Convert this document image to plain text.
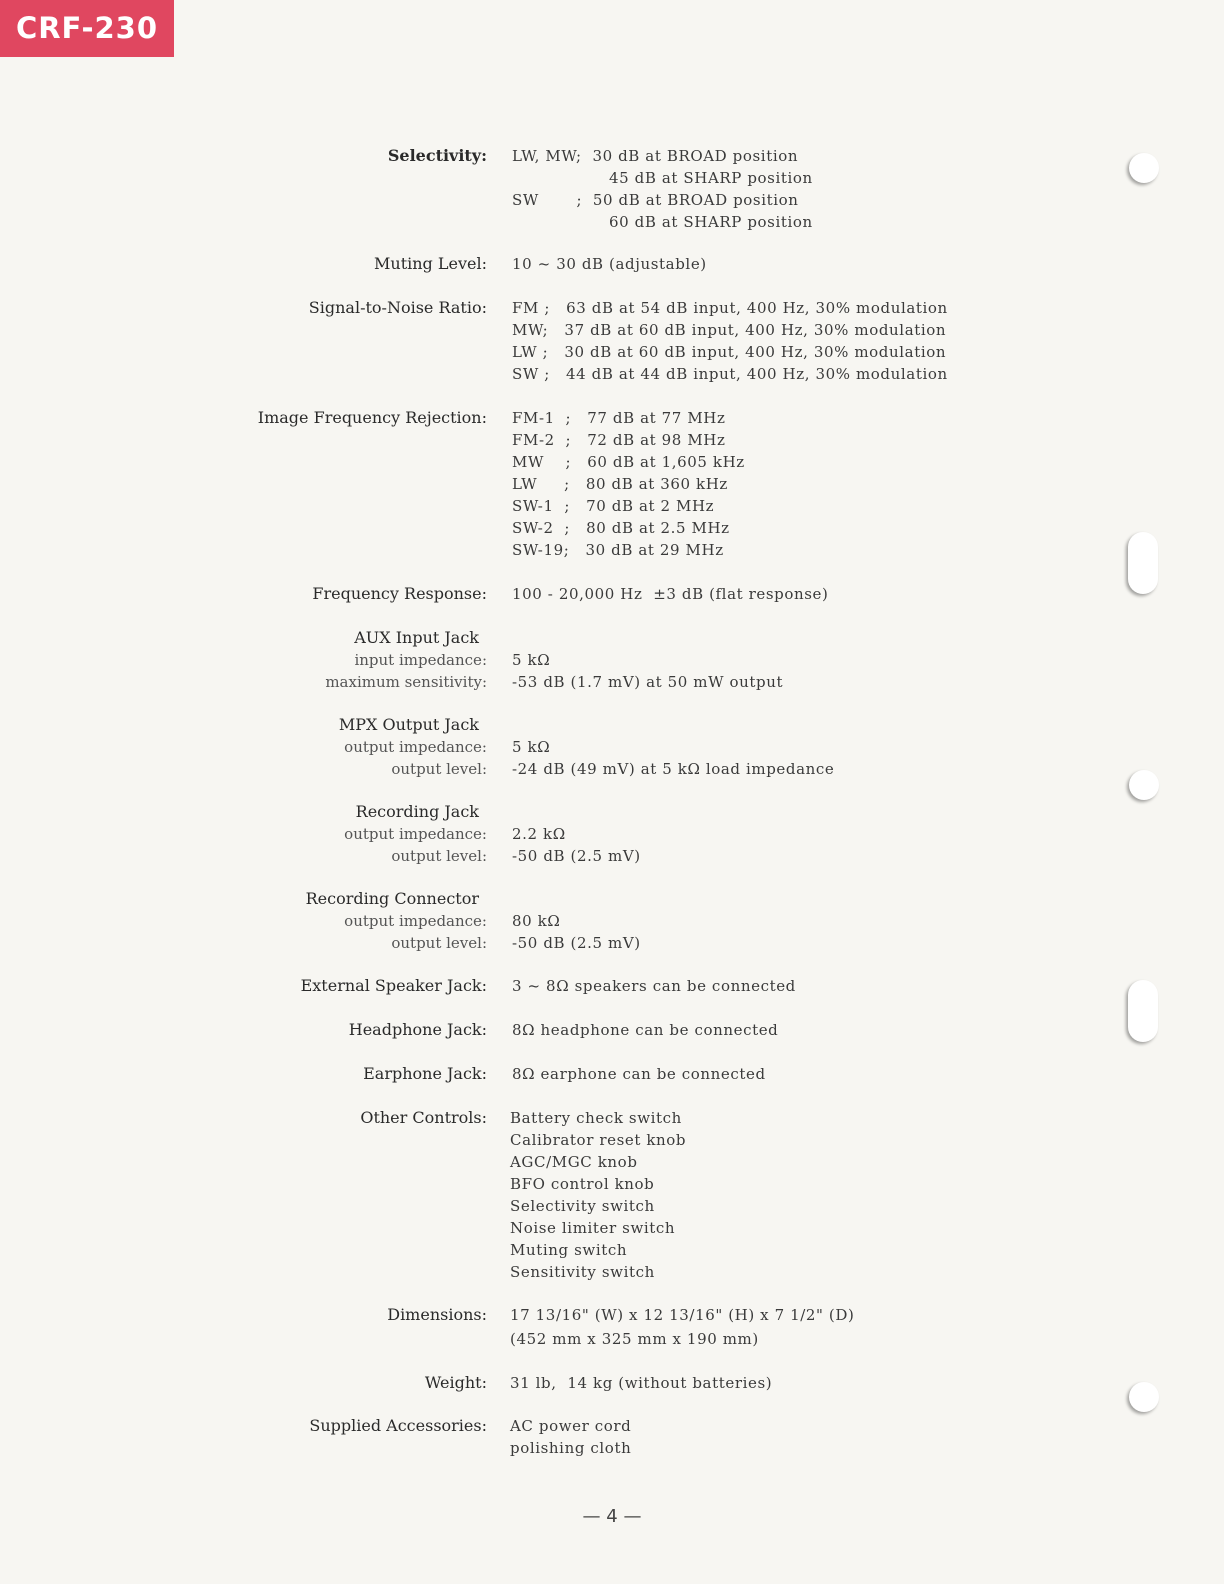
CRF-230
Selectivity: LW, MW;  30 dB at BROAD position
45 dB at SHARP position
SW       ;  50 dB at BROAD position
60 dB at SHARP position
Muting Level: 10 ~ 30 dB (adjustable)
Signal-to-Noise Ratio: FM ;   63 dB at 54 dB input, 400 Hz, 30% modulation
MW;   37 dB at 60 dB input, 400 Hz, 30% modulation
LW ;   30 dB at 60 dB input, 400 Hz, 30% modulation
SW ;   44 dB at 44 dB input, 400 Hz, 30% modulation
Image Frequency Rejection: FM-1  ;   77 dB at 77 MHz
FM-2  ;   72 dB at 98 MHz
MW    ;   60 dB at 1,605 kHz
LW     ;   80 dB at 360 kHz
SW-1  ;   70 dB at 2 MHz
SW-2  ;   80 dB at 2.5 MHz
SW-19;   30 dB at 29 MHz
Frequency Response: 100 - 20,000 Hz  ±3 dB (flat response)
AUX Input Jack
input impedance: 5 kΩ
maximum sensitivity: -53 dB (1.7 mV) at 50 mW output
MPX Output Jack
output impedance: 5 kΩ
output level: -24 dB (49 mV) at 5 kΩ load impedance
Recording Jack
output impedance: 2.2 kΩ
output level: -50 dB (2.5 mV)
Recording Connector
output impedance: 80 kΩ
output level: -50 dB (2.5 mV)
External Speaker Jack: 3 ~ 8Ω speakers can be connected
Headphone Jack: 8Ω headphone can be connected
Earphone Jack: 8Ω earphone can be connected
Other Controls: Battery check switch
Calibrator reset knob
AGC/MGC knob
BFO control knob
Selectivity switch
Noise limiter switch
Muting switch
Sensitivity switch
Dimensions: 17 13/16" (W) x 12 13/16" (H) x 7 1/2" (D)
(452 mm x 325 mm x 190 mm)
Weight: 31 lb,  14 kg (without batteries)
Supplied Accessories: AC power cord
polishing cloth
— 4 —
